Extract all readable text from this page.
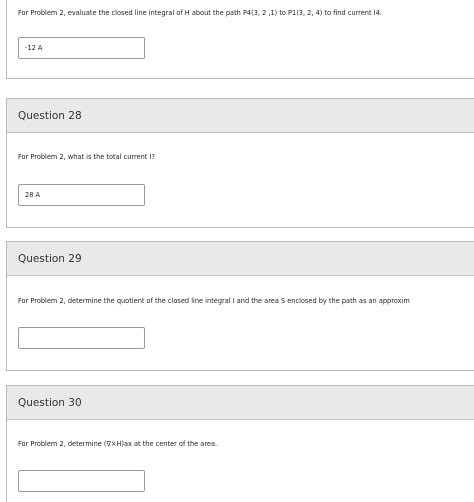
For Problem 2, evaluate the closed line integral of H about the path P4(3, 2 ,1) to P1(3, 2, 4) to find current I4.
-12 A
Question 28
For Problem 2, what is the total current I?
28 A
Question 29
For Problem 2, determine the quotient of the closed line integral I and the area S enclosed by the path as an approxim
Question 30
For Problem 2, determine (∇×H)ax at the center of the area.
